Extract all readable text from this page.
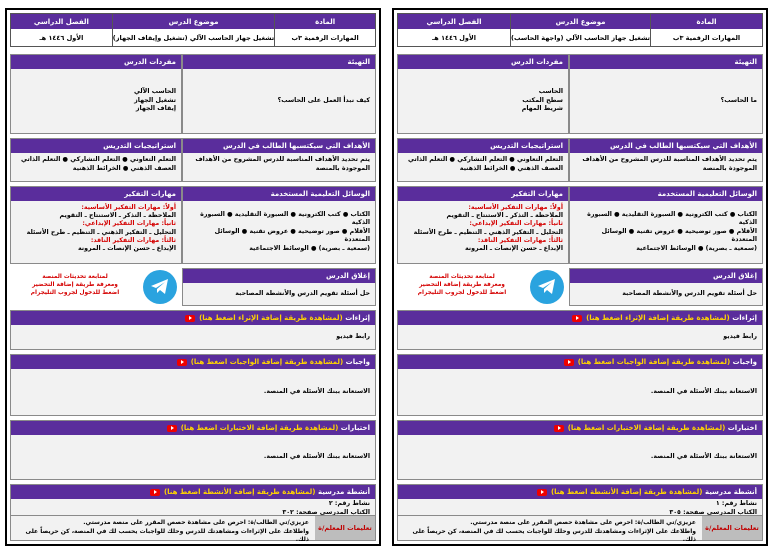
المادة
موضوع الدرس
الفصل الدراسي
المهارات الرقمية ٣ب
تشغيل جهاز الحاسب الآلي (واجهة الحاسب)
الأول ١٤٤٦ هـ
التهيئة
ما الحاسب؟
مفردات الدرس
الحاسب
سطح المكتب
شريط المهام
الأهداف التي سيكتسبها الطالب في الدرس
يتم تحديد الأهداف المناسبة للدرس المشروح من الأهداف الموجودة بالمنصة
استراتيجيات التدريس
التعلم التعاوني ● التعلم التشاركي ● التعلم الذاتي
العصف الذهني ● الخرائط الذهنية
الوسائل التعليمية المستخدمة
الكتاب ● كتب الكترونية ● السبورة التقليدية ● السبورة الذكية
الأقلام ● صور توضيحية ● عروض تقنية ● الوسائل المتعددة
(سمعية ـ بصرية) ● الوسائط الاجتماعية
مهارات التفكير
أولاً: مهارات التفكير الأساسية:
الملاحظة ـ التذكر ـ الاستنتاج ـ التقويم
ثانياً: مهارات التفكير الإبداعي:
التحليل ـ التفكير الذهني ـ التنظيم ـ طرح الأسئلة
ثالثاً: مهارات التفكير الناقد:
الإبداع ـ حسن الإنصات ـ المرونة
لمتابعة تحديثات المنصة
ومعرفة طريقة إضافة التحضير
اضغط للدخول لجروب التليجرام
إغلاق الدرس
حل أسئلة تقويم الدرس والأنشطة المصاحبة
إثراءات

(لمشاهدة طريقة إضافة الإثراء اضغط هنا)
رابط فيديو
واجبات

(لمشاهدة طريقة إضافة الواجبات اضغط هنا)
الاستعانة ببنك الأسئلة في المنصة.
اختبارات

(لمشاهدة طريقة إضافة الاختبارات اضغط هنا)
الاستعانة ببنك الأسئلة في المنصة.
أنشطة مدرسية

(لمشاهدة طريقة إضافة الأنشطة اضغط هنا)
نشاط رقم: ١
الكتاب المدرسي صفحة: ٣٠٥
تعليمات المعلم/ة
عزيزي/تي الطالب/ة: احرص على مشاهدة حصص المقرر على منصة مدرستي.
واطلاعك على الإثراءات ومشاهدتك للدرس وحلك للواجبات يحسب لك في المنصة، كن حريصاً على ذلك.
المادة
موضوع الدرس
الفصل الدراسي
المهارات الرقمية ٣ب
تشغيل جهاز الحاسب الآلي (تشغيل وإيقاف الجهاز)
الأول ١٤٤٦ هـ
التهيئة
كيف نبدأ العمل على الحاسب؟
مفردات الدرس
الحاسب الآلي
تشغيل الجهاز
إيقاف الجهاز
الأهداف التي سيكتسبها الطالب في الدرس
يتم تحديد الأهداف المناسبة للدرس المشروح من الأهداف الموجودة بالمنصة
استراتيجيات التدريس
التعلم التعاوني ● التعلم التشاركي ● التعلم الذاتي
العصف الذهني ● الخرائط الذهنية
الوسائل التعليمية المستخدمة
الكتاب ● كتب الكترونية ● السبورة التقليدية ● السبورة الذكية
الأقلام ● صور توضيحية ● عروض تقنية ● الوسائل المتعددة
(سمعية ـ بصرية) ● الوسائط الاجتماعية
مهارات التفكير
أولاً: مهارات التفكير الأساسية:
الملاحظة ـ التذكر ـ الاستنتاج ـ التقويم
ثانياً: مهارات التفكير الإبداعي:
التحليل ـ التفكير الذهني ـ التنظيم ـ طرح الأسئلة
ثالثاً: مهارات التفكير الناقد:
الإبداع ـ حسن الإنصات ـ المرونة
لمتابعة تحديثات المنصة
ومعرفة طريقة إضافة التحضير
اضغط للدخول لجروب التليجرام
إغلاق الدرس
حل أسئلة تقويم الدرس والأنشطة المصاحبة
إثراءات

(لمشاهدة طريقة إضافة الإثراء اضغط هنا)
رابط فيديو
واجبات

(لمشاهدة طريقة إضافة الواجبات اضغط هنا)
الاستعانة ببنك الأسئلة في المنصة.
اختبارات

(لمشاهدة طريقة إضافة الاختبارات اضغط هنا)
الاستعانة ببنك الأسئلة في المنصة.
أنشطة مدرسية

(لمشاهدة طريقة إضافة الأنشطة اضغط هنا)
نشاط رقم: ٢
الكتاب المدرسي صفحة: ٣٠٢
تعليمات المعلم/ة
عزيزي/تي الطالب/ة: احرص على مشاهدة حصص المقرر على منصة مدرستي.
واطلاعك على الإثراءات ومشاهدتك للدرس وحلك للواجبات يحسب لك في المنصة، كن حريصاً على ذلك.
